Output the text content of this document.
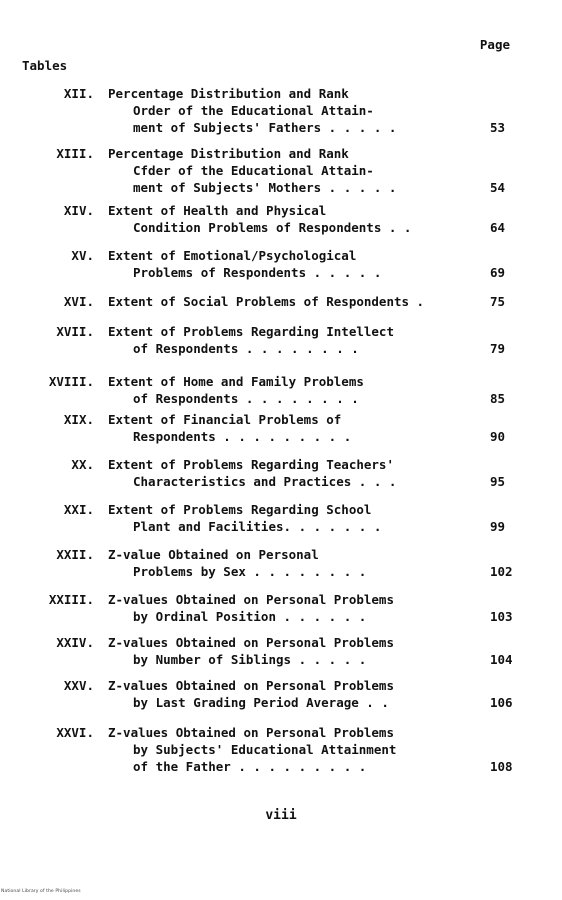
Page
Tables
XII. Percentage Distribution and Rank
Order of the Educational Attain-
ment of Subjects' Fathers . . . . .	53
XIII. Percentage Distribution and Rank
Cfder of the Educational Attain-
ment of Subjects' Mothers . . . . .	54
XIV. Extent of Health and Physical
Condition Problems of Respondents . .	64
XV. Extent of Emotional/Psychological
Problems of Respondents . . . . .	69
XVI. Extent of Social Problems of Respondents .	75
XVII. Extent of Problems Regarding Intellect
of Respondents . . . . . . . .	79
XVIII. Extent of Home and Family Problems
of Respondents . . . . . . . .	85
XIX. Extent of Financial Problems of
Respondents . . . . . . . . .	90
XX. Extent of Problems Regarding Teachers'
Characteristics and Practices . . .	95
XXI. Extent of Problems Regarding School
Plant and Facilities. . . . . . .	99
XXII. Z-value Obtained on Personal
Problems by Sex . . . . . . . .	102
XXIII. Z-values Obtained on Personal Problems
by Ordinal Position . . . . . .	103
XXIV. Z-values Obtained on Personal Problems
by Number of Siblings . . . . .	104
XXV. Z-values Obtained on Personal Problems
by Last Grading Period Average . .	106
XXVI. Z-values Obtained on Personal Problems
by Subjects' Educational Attainment
of the Father . . . . . . . . .	108
viii
National Library of the Philippines
